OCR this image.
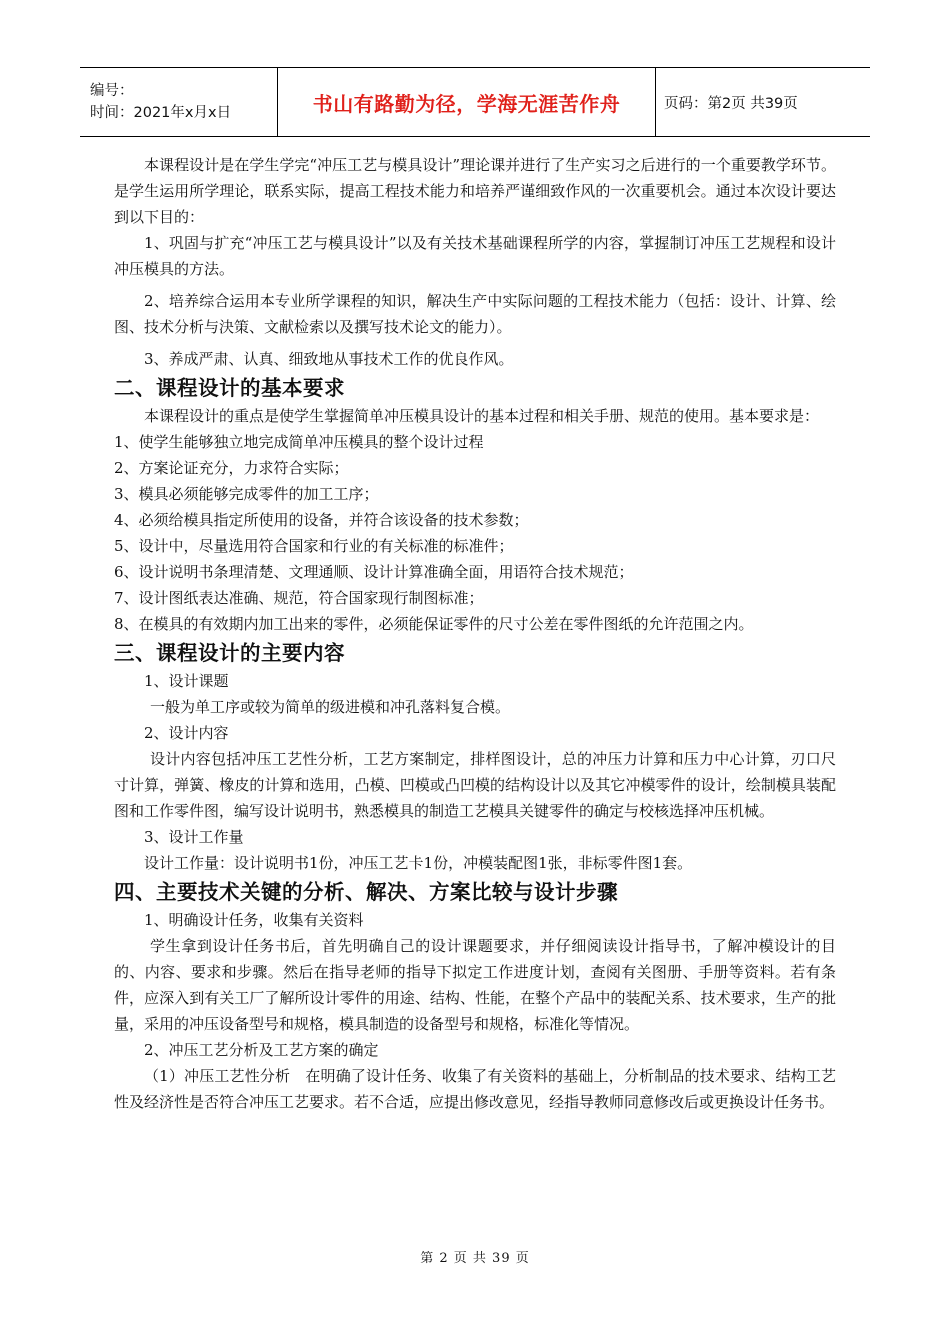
编号：
时间：2021年x月x日	书山有路勤为径，学海无涯苦作舟	页码：第2页 共39页

本课程设计是在学生学完“冲压工艺与模具设计”理论课并进行了生产实习之后进行的一个重要教学环节。是学生运用所学理论，联系实际，提高工程技术能力和培养严谨细致作风的一次重要机会。通过本次设计要达到以下目的：

1、巩固与扩充“冲压工艺与模具设计”以及有关技术基础课程所学的内容，掌握制订冲压工艺规程和设计冲压模具的方法。

2、培养综合运用本专业所学课程的知识，解决生产中实际问题的工程技术能力（包括：设计、计算、绘图、技术分析与決策、文献检索以及撰写技术论文的能力）。

3、养成严肃、认真、细致地从事技术工作的优良作风。

二、课程设计的基本要求

本课程设计的重点是使学生掌握简单冲压模具设计的基本过程和相关手册、规范的使用。基本要求是：

1、使学生能够独立地完成简单冲压模具的整个设计过程

2、方案论证充分，力求符合实际；

3、模具必须能够完成零件的加工工序；

4、必须给模具指定所使用的设备，并符合该设备的技术参数；

5、设计中，尽量选用符合国家和行业的有关标准的标准件；

6、设计说明书条理清楚、文理通顺、设计计算准确全面，用语符合技术规范；

7、设计图纸表达准确、规范，符合国家现行制图标准；

8、在模具的有效期内加工出来的零件，必须能保证零件的尺寸公差在零件图纸的允许范围之内。

三、课程设计的主要内容

1、设计课题

一般为单工序或较为简单的级进模和冲孔落料复合模。

2、设计内容

设计内容包括冲压工艺性分析，工艺方案制定，排样图设计，总的冲压力计算和压力中心计算，刃口尺寸计算，弹簧、橡皮的计算和选用，凸模、凹模或凸凹模的结构设计以及其它冲模零件的设计，绘制模具装配图和工作零件图，编写设计说明书，熟悉模具的制造工艺模具关键零件的确定与校核选择冲压机械。

3、设计工作量

设计工作量：设计说明书1份，冲压工艺卡1份，冲模装配图1张，非标零件图1套。

四、主要技术关键的分析、解决、方案比较与设计步骤

1、明确设计任务，收集有关资料

学生拿到设计任务书后，首先明确自己的设计课题要求，并仔细阅读设计指导书，了解冲模设计的目的、内容、要求和步骤。然后在指导老师的指导下拟定工作进度计划，查阅有关图册、手册等资料。若有条件，应深入到有关工厂了解所设计零件的用途、结构、性能，在整个产品中的装配关系、技术要求，生产的批量，采用的冲压设备型号和规格，模具制造的设备型号和规格，标准化等情况。

2、冲压工艺分析及工艺方案的确定

（1）冲压工艺性分析　在明确了设计任务、收集了有关资料的基础上，分析制品的技术要求、结构工艺性及经济性是否符合冲压工艺要求。若不合适，应提出修改意见，经指导教师同意修改后或更换设计任务书。

第 2 页 共 39 页
